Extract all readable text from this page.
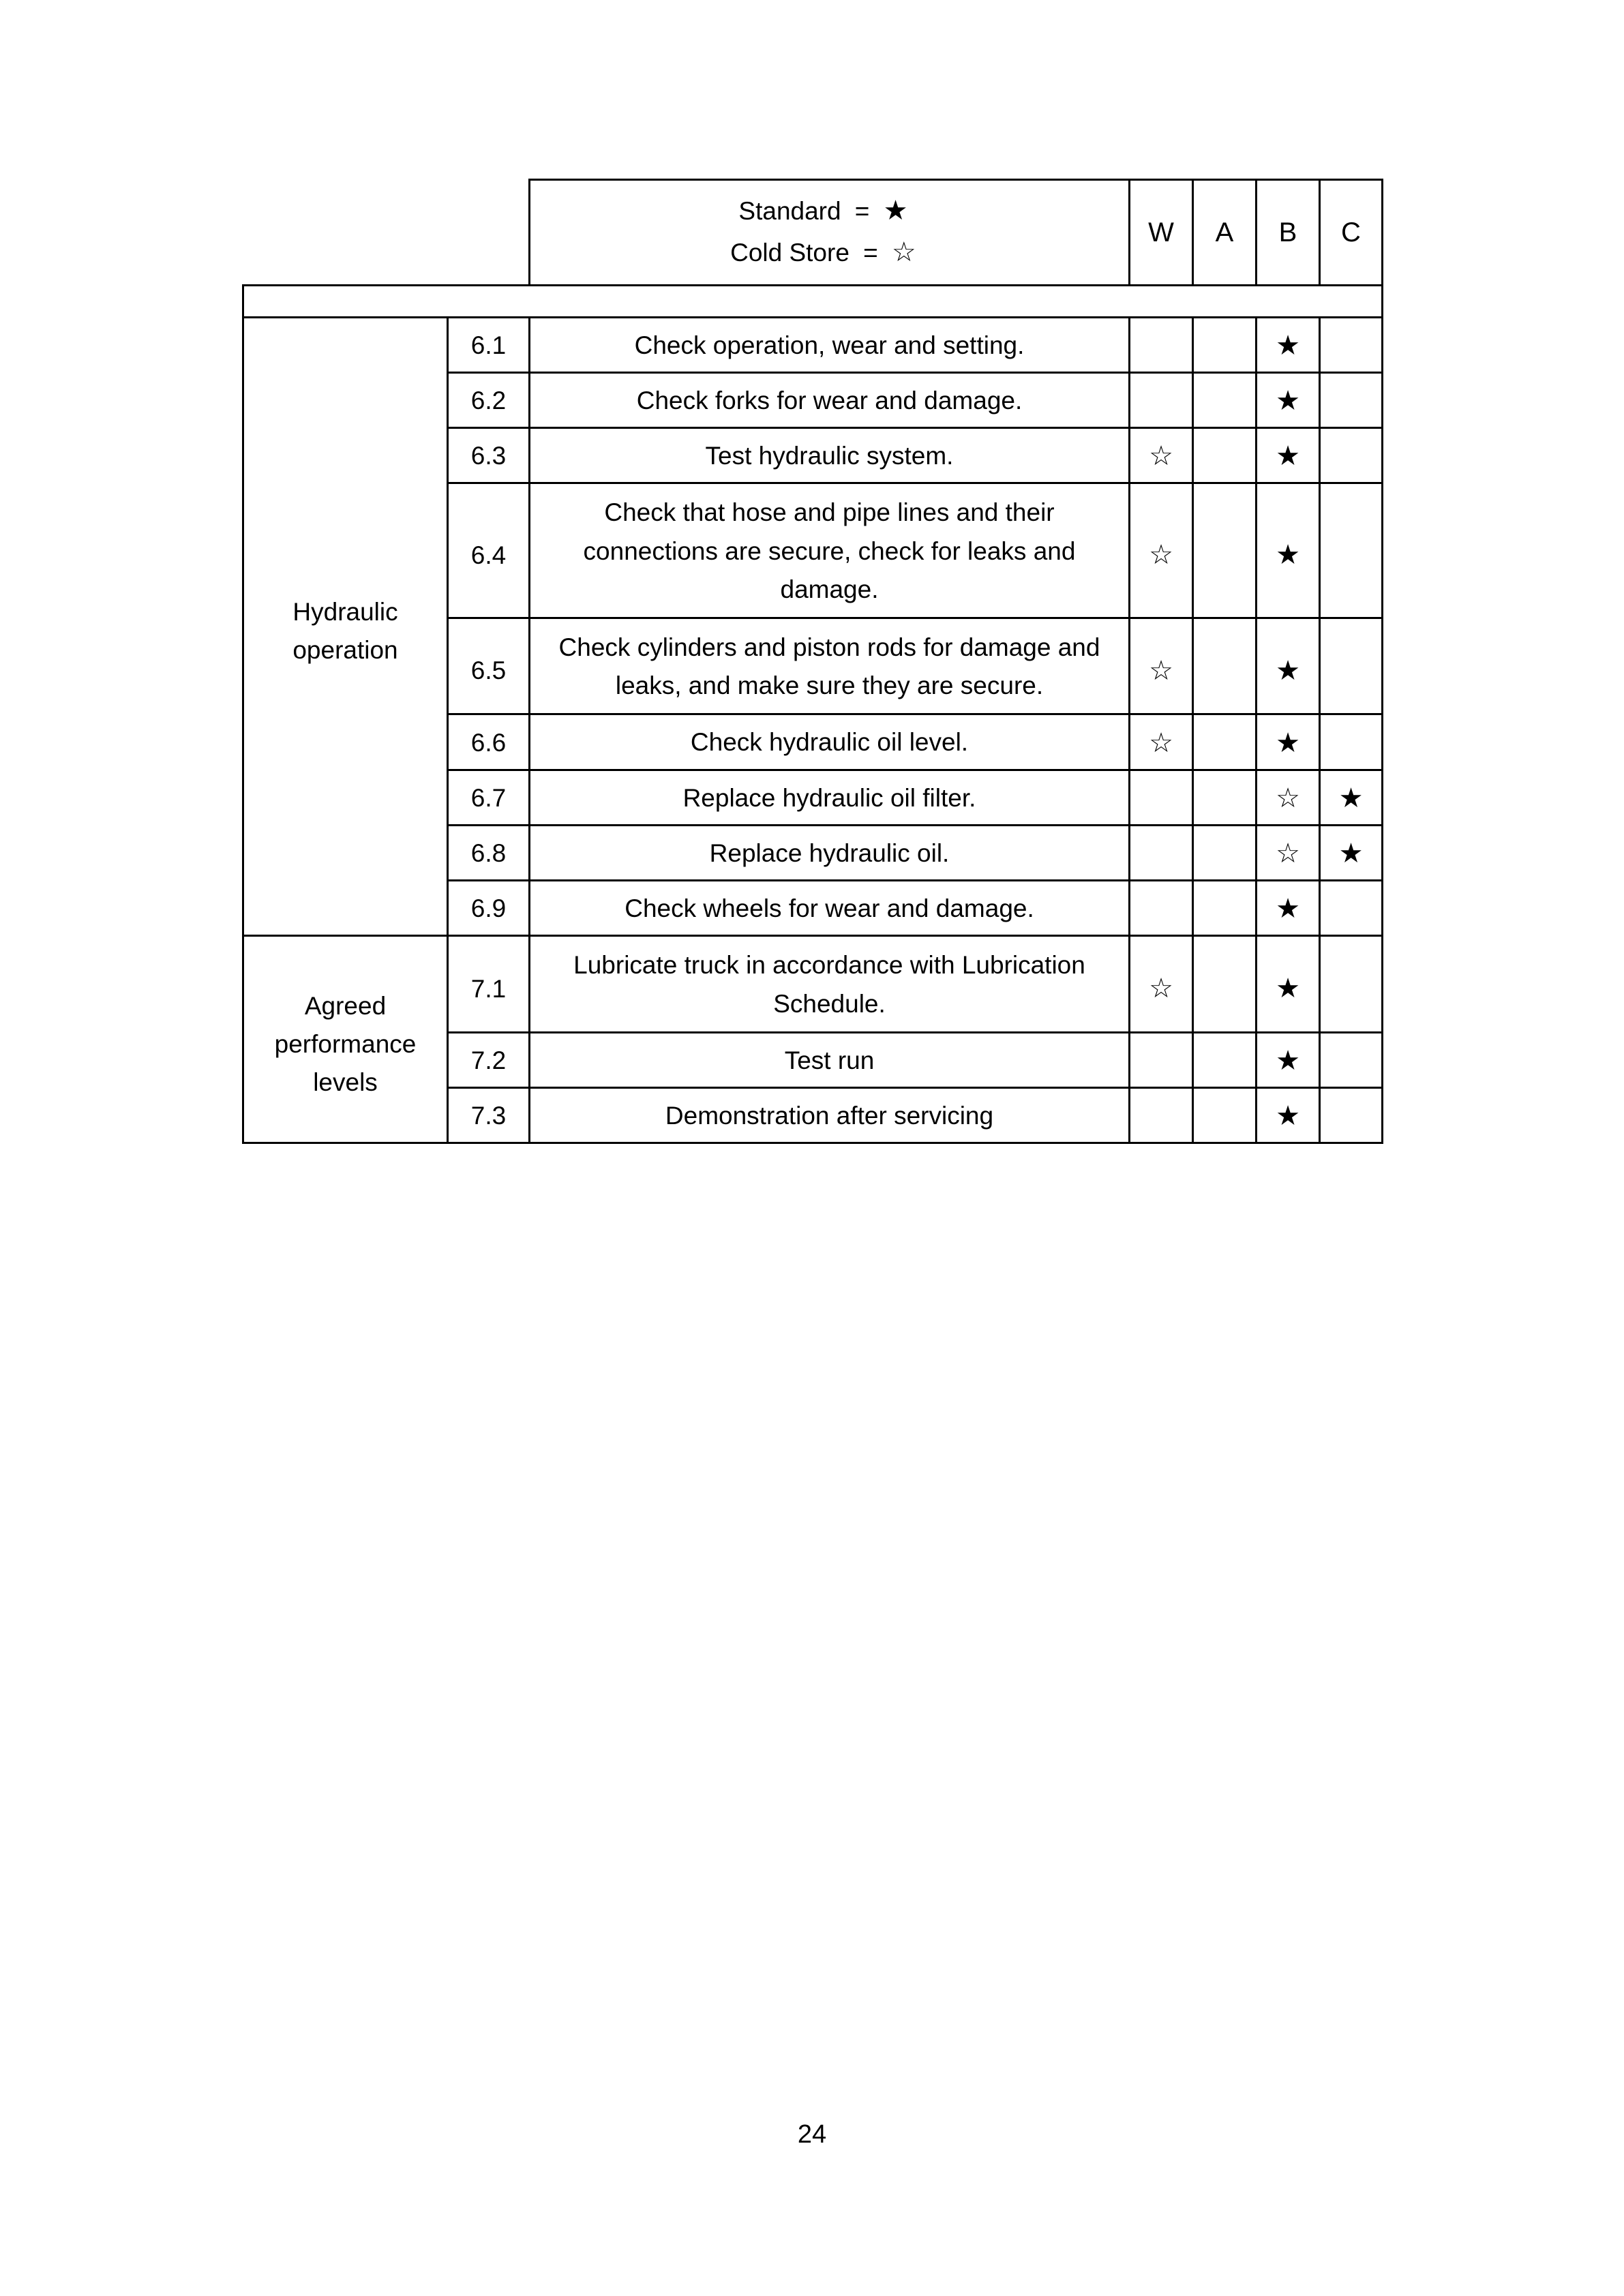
		Standard = ★
Cold Store = ☆	W	A	B	C

Hydraulic operation	6.1	Check operation, wear and setting.			★	
	6.2	Check forks for wear and damage.			★	
	6.3	Test hydraulic system.	☆		★	
	6.4	Check that hose and pipe lines and their connections are secure, check for leaks and damage.	☆		★	
	6.5	Check cylinders and piston rods for damage and leaks, and make sure they are secure.	☆		★	
	6.6	Check hydraulic oil level.	☆		★	
	6.7	Replace hydraulic oil filter.			☆	★
	6.8	Replace hydraulic oil.			☆	★
	6.9	Check wheels for wear and damage.			★	
Agreed performance levels	7.1	Lubricate truck in accordance with Lubrication Schedule.	☆		★	
	7.2	Test run			★	
	7.3	Demonstration after servicing			★	
24
